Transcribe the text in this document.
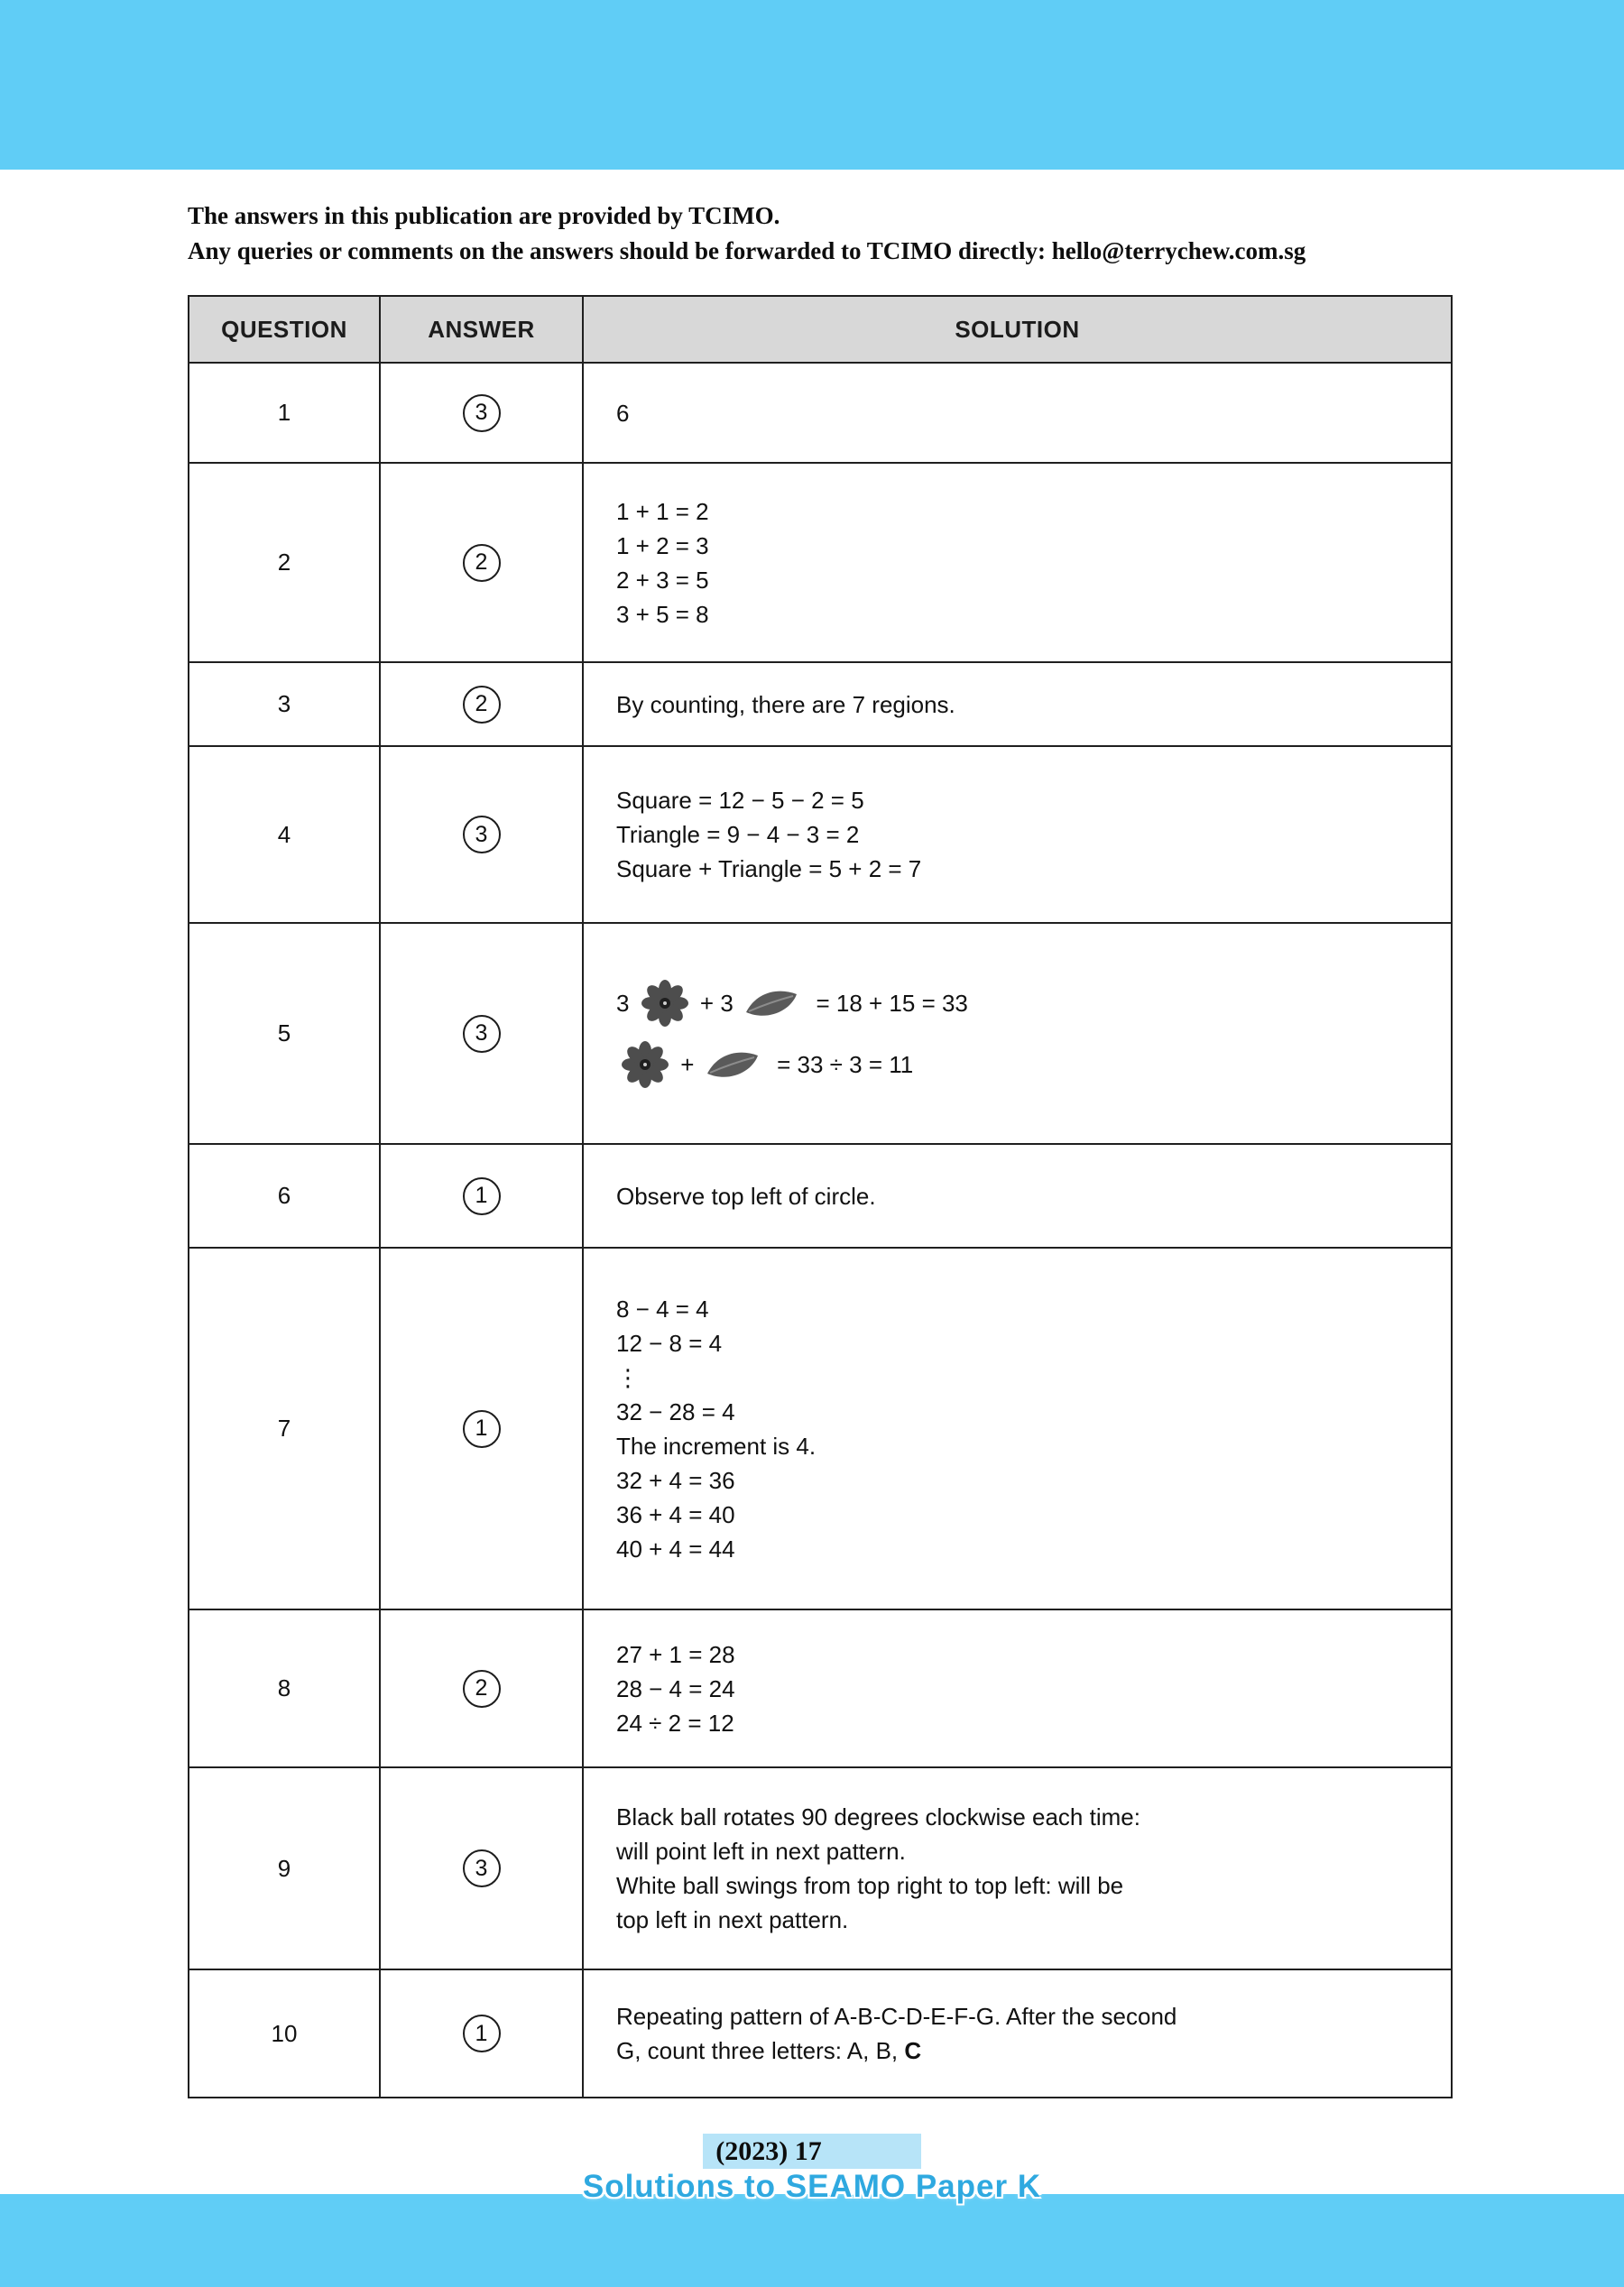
The answers in this publication are provided by TCIMO.
Any queries or comments on the answers should be forwarded to TCIMO directly: hello@terrychew.com.sg
QUESTION	ANSWER	SOLUTION
1	3	6

2	2	1 + 1 = 2
1 + 2 = 3
2 + 3 = 5
3 + 5 = 8

3	2	By counting, there are 7 regions.

4	3	Square = 12 − 5 − 2 = 5
Triangle = 9 − 4 − 3 = 2
Square + Triangle = 5 + 2 = 7

5	3	3
+ 3 = 18 + 15 = 33
+ = 33 ÷ 3 = 11

6	1	Observe top left of circle.

7	1	
8 − 4 = 4
12 − 8 = 4
⋮
32 − 28 = 4
The increment is 4.
32 + 4 = 36
36 + 4 = 40
40 + 4 = 44

8	2	27 + 1 = 28
28 − 4 = 24
24 ÷ 2 = 12

9	3	Black ball rotates 90 degrees clockwise each time:
will point left in next pattern.
White ball swings from top right to top left: will be
top left in next pattern.

10	1	Repeating pattern of A-B-C-D-E-F-G. After the second
G, count three letters: A, B, C
(2023) 17
Solutions to SEAMO Paper K
